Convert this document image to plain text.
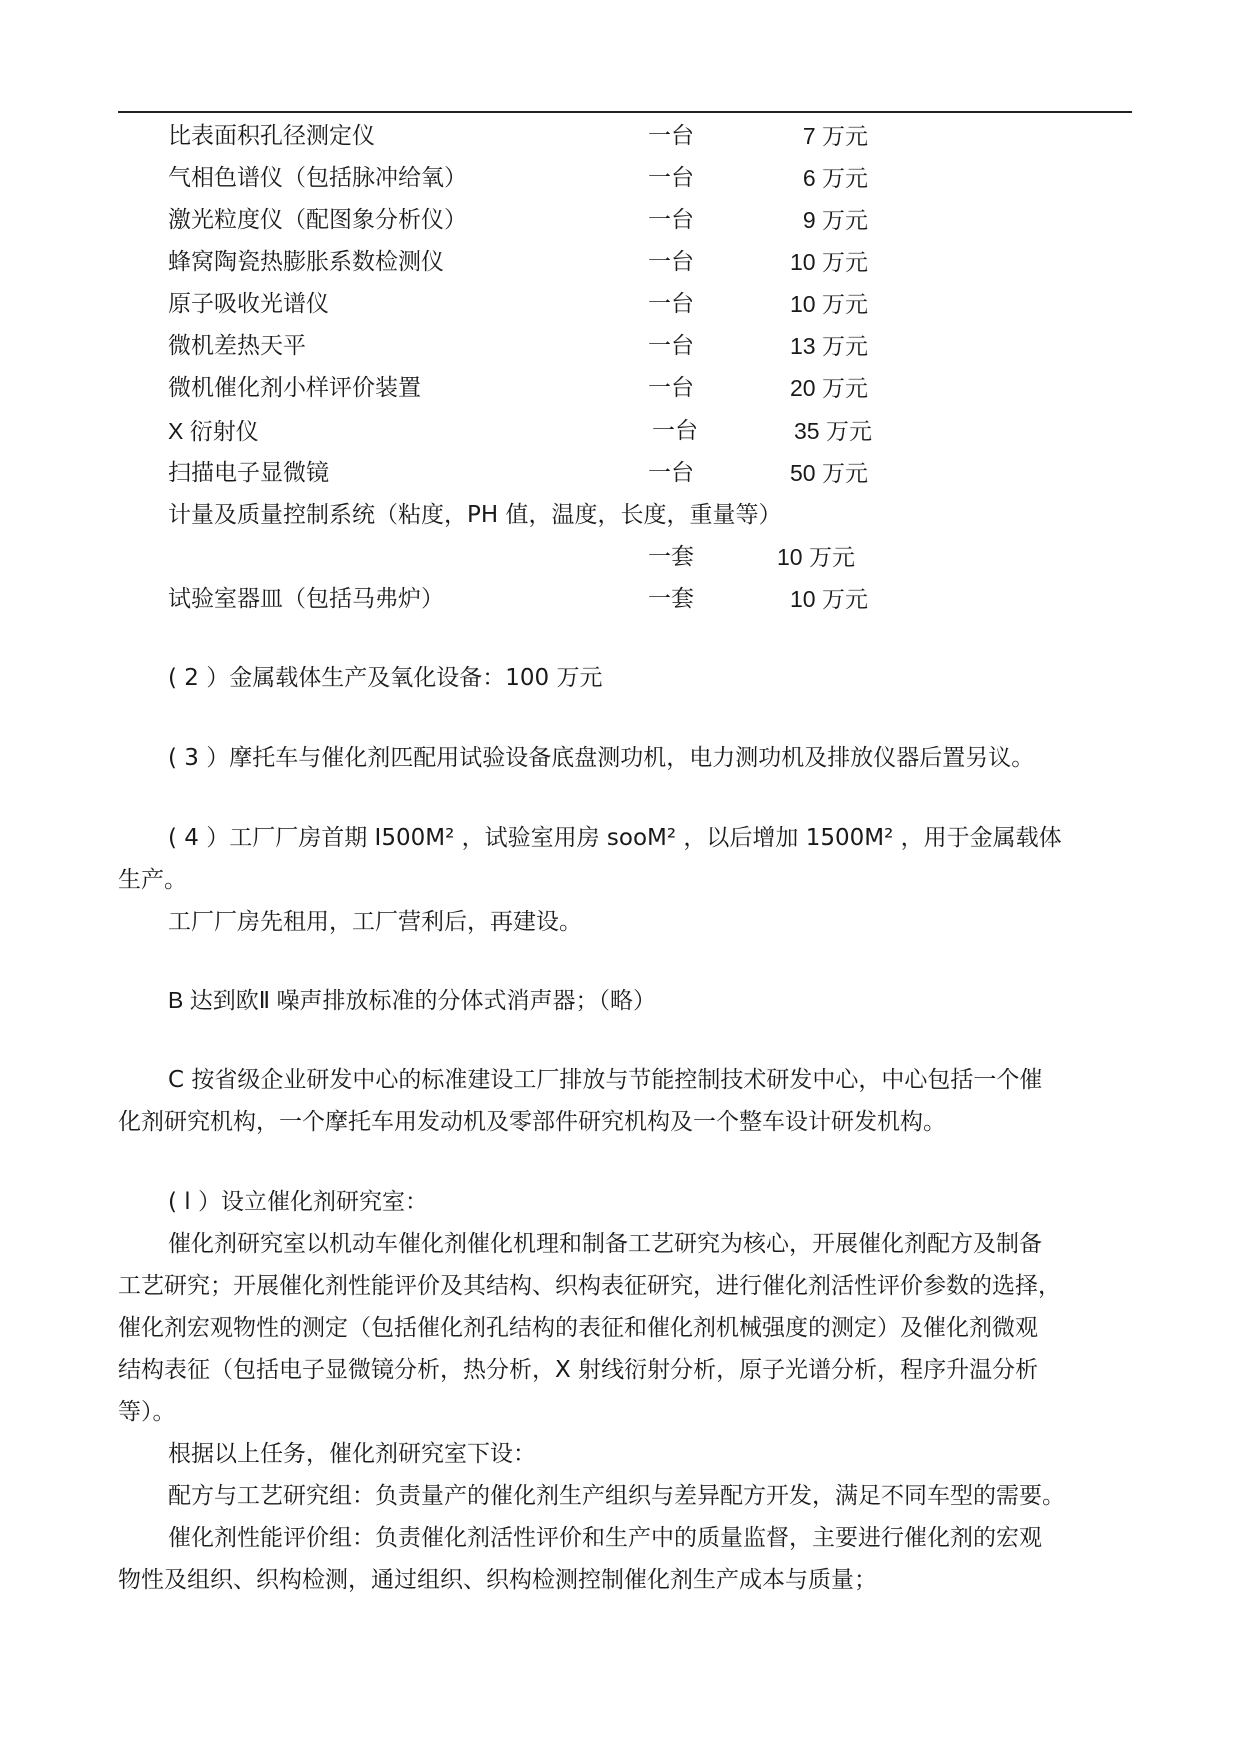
比表面积孔径测定仪	一台	7 万元
气相色谱仪（包括脉冲给氧）	一台	6 万元
激光粒度仪（配图象分析仪）	一台	9 万元
蜂窝陶瓷热膨胀系数检测仪	一台	10 万元
原子吸收光谱仪	一台	10 万元
微机差热天平	一台	13 万元
微机催化剂小样评价装置	一台	20 万元
X 衍射仪	一台	35 万元
扫描电子显微镜	一台	50 万元
计量及质量控制系统（粘度，PH 值，温度，长度，重量等）
一套	10 万元
试验室器皿（包括马弗炉）	一套	10 万元
( 2 ）金属载体生产及氧化设备：100 万元
( 3 ）摩托车与催化剂匹配用试验设备底盘测功机，电力测功机及排放仪器后置另议。
( 4 ）工厂厂房首期 I500M² ，试验室用房 sooM² ，以后增加 1500M² ，用于金属载体
生产。
工厂厂房先租用，工厂营利后，再建设。
B 达到欧Ⅱ 噪声排放标准的分体式消声器；（略）
C 按省级企业研发中心的标准建设工厂排放与节能控制技术研发中心，中心包括一个催
化剂研究机构，一个摩托车用发动机及零部件研究机构及一个整车设计研发机构。
( l ）设立催化剂研究室：
催化剂研究室以机动车催化剂催化机理和制备工艺研究为核心，开展催化剂配方及制备
工艺研究；开展催化剂性能评价及其结构、织构表征研究，进行催化剂活性评价参数的选择，
催化剂宏观物性的测定（包括催化剂孔结构的表征和催化剂机械强度的测定）及催化剂微观
结构表征（包括电子显微镜分析，热分析，X 射线衍射分析，原子光谱分析，程序升温分析
等）。
根据以上任务，催化剂研究室下设：
配方与工艺研究组：负责量产的催化剂生产组织与差异配方开发，满足不同车型的需要。
催化剂性能评价组：负责催化剂活性评价和生产中的质量监督，主要进行催化剂的宏观
物性及组织、织构检测，通过组织、织构检测控制催化剂生产成本与质量；
